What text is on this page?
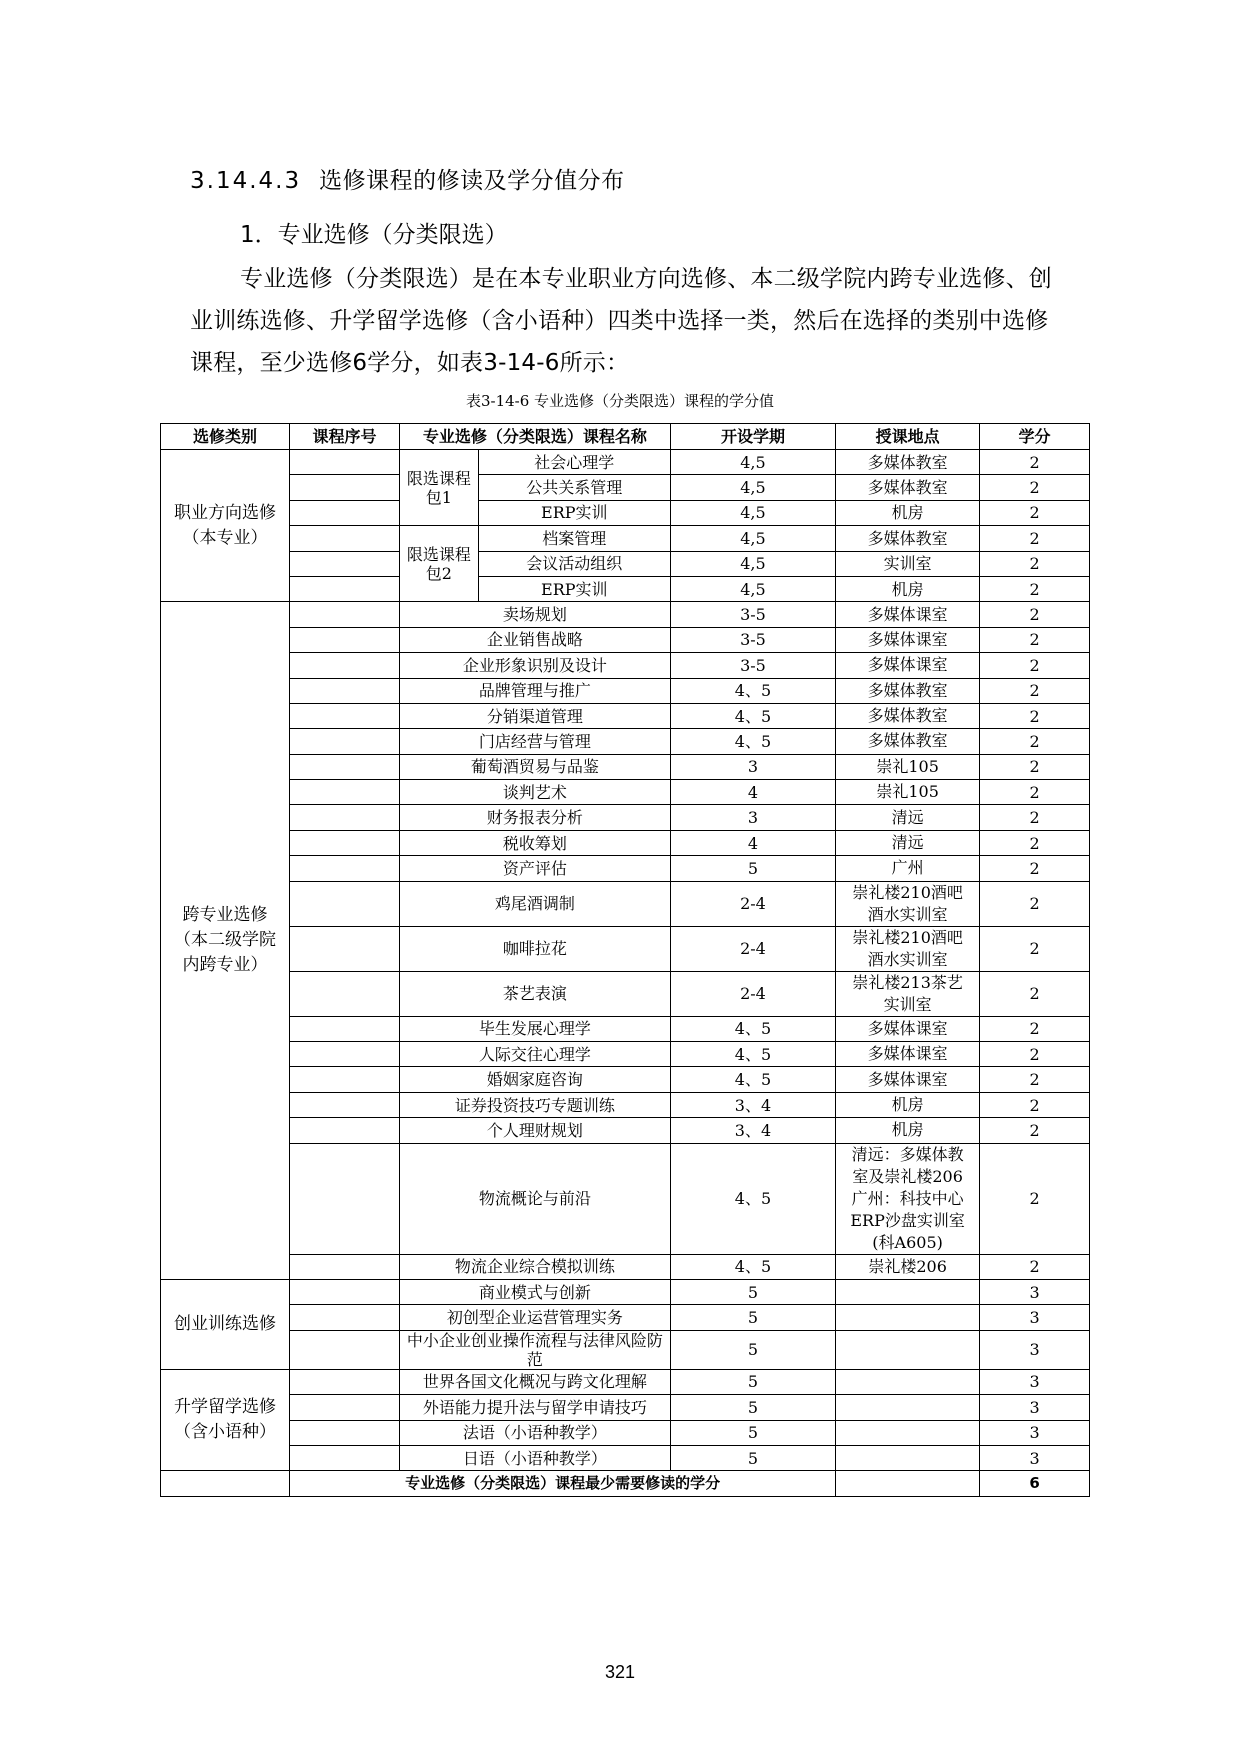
3.14.4.3 选修课程的修读及学分值分布
1．专业选修（分类限选）
专业选修（分类限选）是在本专业职业方向选修、本二级学院内跨专业选修、创业训练选修、升学留学选修（含小语种）四类中选择一类，然后在选择的类别中选修课程，至少选修6学分，如表3-14-6所示：
表3-14-6 专业选修（分类限选）课程的学分值
选修类别	课程序号	专业选修（分类限选）课程名称		开设学期	授课地点	学分
职业方向选修（本专业）		限选课程包1	社会心理学	4,5	多媒体教室	2
			公共关系管理	4,5	多媒体教室	2
			ERP实训	4,5	机房	2
		限选课程包2	档案管理	4,5	多媒体教室	2
			会议活动组织	4,5	实训室	2
			ERP实训	4,5	机房	2
跨专业选修（本二级学院内跨专业）		卖场规划		3-5	多媒体课室	2
		企业销售战略		3-5	多媒体课室	2
		企业形象识别及设计		3-5	多媒体课室	2
		品牌管理与推广		4、5	多媒体教室	2
		分销渠道管理		4、5	多媒体教室	2
		门店经营与管理		4、5	多媒体教室	2
		葡萄酒贸易与品鉴		3	崇礼105	2
		谈判艺术		4	崇礼105	2
		财务报表分析		3	清远	2
		税收筹划		4	清远	2
		资产评估		5	广州	2
		鸡尾酒调制		2-4	崇礼楼210酒吧酒水实训室	2
		咖啡拉花		2-4	崇礼楼210酒吧酒水实训室	2
		茶艺表演		2-4	崇礼楼213茶艺实训室	2
		毕生发展心理学		4、5	多媒体课室	2
		人际交往心理学		4、5	多媒体课室	2
		婚姻家庭咨询		4、5	多媒体课室	2
		证券投资技巧专题训练		3、4	机房	2
		个人理财规划		3、4	机房	2
		物流概论与前沿		4、5	清远：多媒体教室及崇礼楼206 广州：科技中心ERP沙盘实训室(科A605)	2
		物流企业综合模拟训练		4、5	崇礼楼206	2
创业训练选修		商业模式与创新		5		3
		初创型企业运营管理实务		5		3
		中小企业创业操作流程与法律风险防范		5		3
升学留学选修（含小语种）		世界各国文化概况与跨文化理解		5		3
		外语能力提升法与留学申请技巧		5		3
		法语（小语种教学）		5		3
		日语（小语种教学）		5		3
	专业选修（分类限选）课程最少需要修读的学分					6
321
